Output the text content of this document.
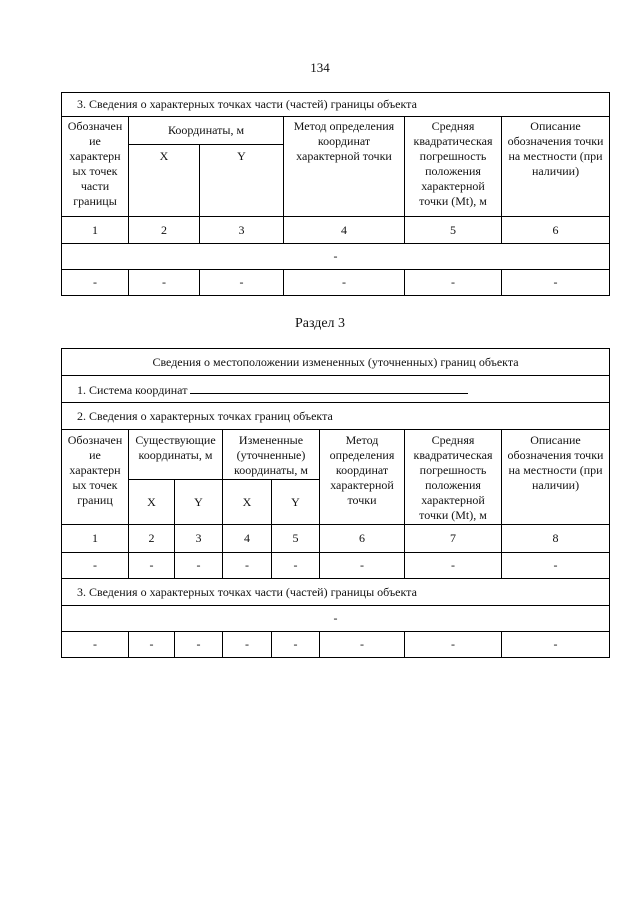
134
3. Сведения о характерных точках части (частей) границы объекта					
Обозначен ие характерн ых точек части границы	Координаты, м		Метод определения координат характерной точки	Средняя квадратическая погрешность положения характерной точки (Mt), м	Описание обозначения точки на местности (при наличии)
	X	Y			
1	2	3	4	5	6
-					
-	-	-	-	-	-
Раздел 3
Сведения о местоположении измененных (уточненных) границ объекта							
1. Система координат							
2. Сведения о характерных точках границ объекта							
Обозначен ие характерн ых точек границ	Существующие координаты, м		Измененные (уточненные) координаты, м		Метод определения координат характерной точки	Средняя квадратическая погрешность положения характерной точки (Mt), м	Описание обозначения точки на местности (при наличии)
	X	Y	X	Y			
1	2	3	4	5	6	7	8
-	-	-	-	-	-	-	-
3. Сведения о характерных точках части (частей) границы объекта							
-							
-	-	-	-	-	-	-	-
